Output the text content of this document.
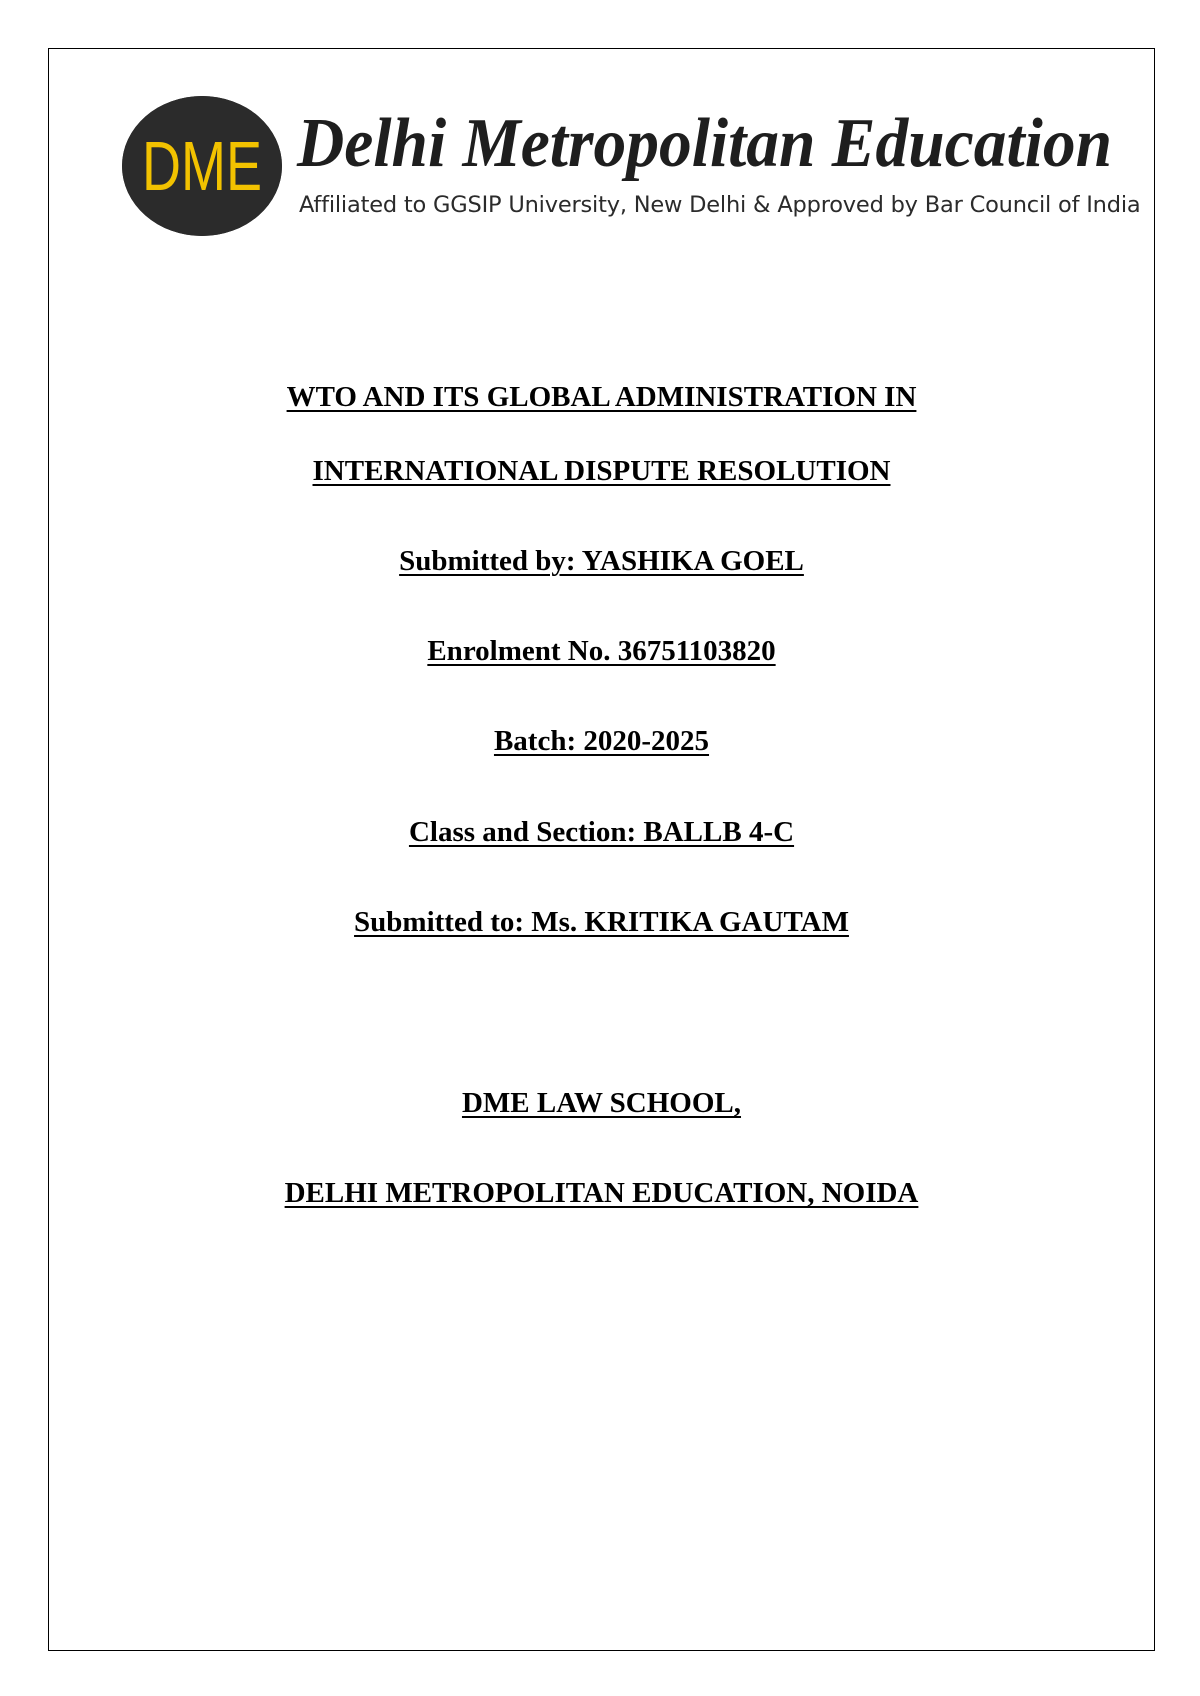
DME Delhi Metropolitan Education
Affiliated to GGSIP University, New Delhi & Approved by Bar Council of India
WTO AND ITS GLOBAL ADMINISTRATION IN
INTERNATIONAL DISPUTE RESOLUTION
Submitted by: YASHIKA GOEL
Enrolment No. 36751103820
Batch: 2020-2025
Class and Section: BALLB 4-C
Submitted to: Ms. KRITIKA GAUTAM
DME LAW SCHOOL,
DELHI METROPOLITAN EDUCATION, NOIDA
